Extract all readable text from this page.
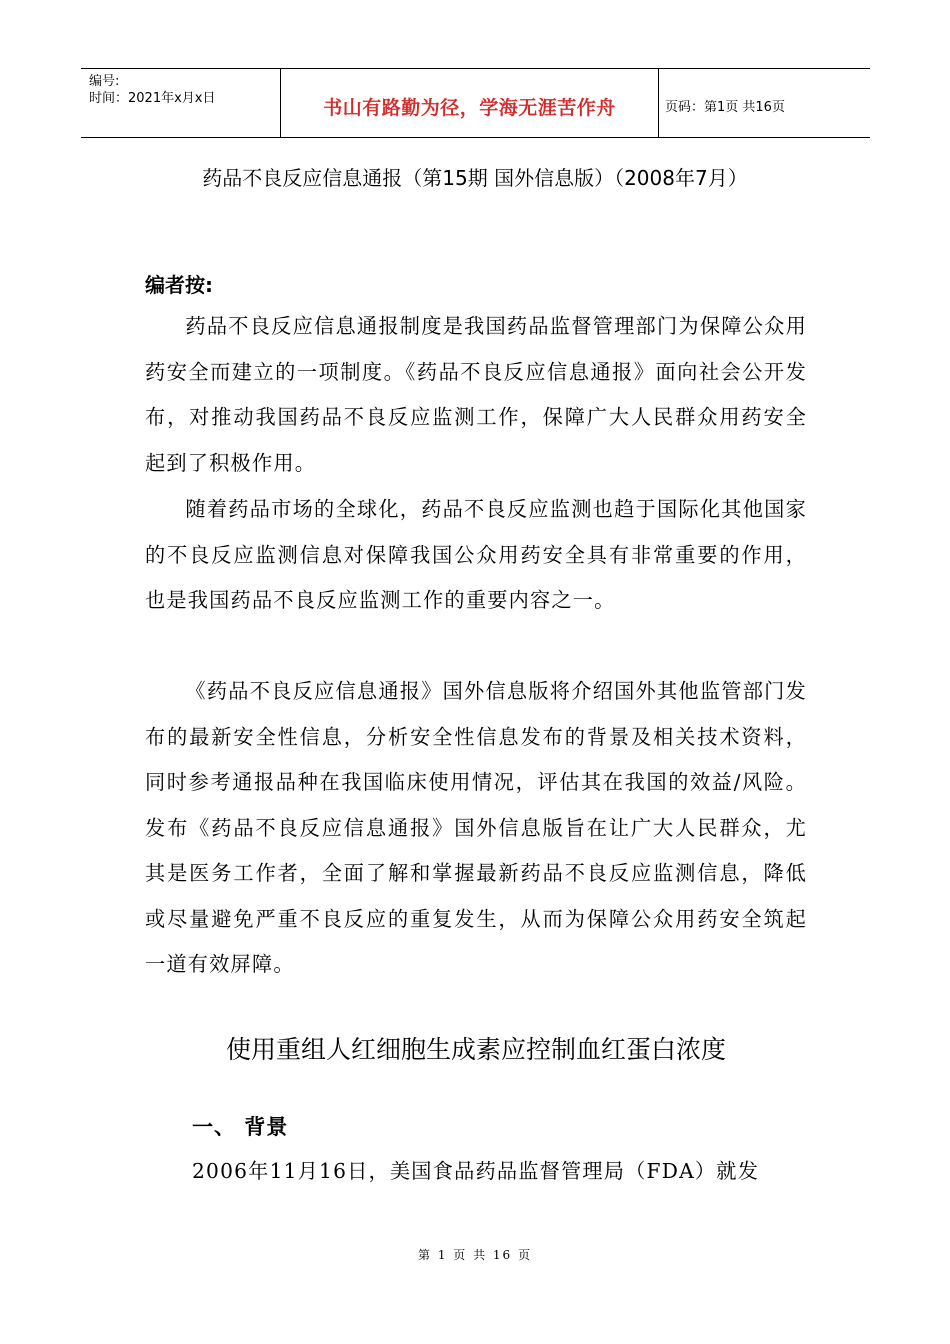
编号:
时间：2021年x月x日	书山有路勤为径，学海无涯苦作舟	页码：第1页 共16页
药品不良反应信息通报（第15期 国外信息版）（2008年7月）
编者按:

药品不良反应信息通报制度是我国药品监督管理部门为保障公众用药安全而建立的一项制度。《药品不良反应信息通报》面向社会公开发布，对推动我国药品不良反应监测工作，保障广大人民群众用药安全起到了积极作用。

随着药品市场的全球化，药品不良反应监测也趋于国际化其他国家的不良反应监测信息对保障我国公众用药安全具有非常重要的作用，也是我国药品不良反应监测工作的重要内容之一。

《药品不良反应信息通报》国外信息版将介绍国外其他监管部门发布的最新安全性信息，分析安全性信息发布的背景及相关技术资料，同时参考通报品种在我国临床使用情况，评估其在我国的效益/风险。发布《药品不良反应信息通报》国外信息版旨在让广大人民群众，尤其是医务工作者，全面了解和掌握最新药品不良反应监测信息，降低或尽量避免严重不良反应的重复发生，从而为保障公众用药安全筑起一道有效屏障。

使用重组人红细胞生成素应控制血红蛋白浓度
一、 背景
2006年11月16日，美国食品药品监督管理局（FDA）就发
第 1 页 共 16 页
